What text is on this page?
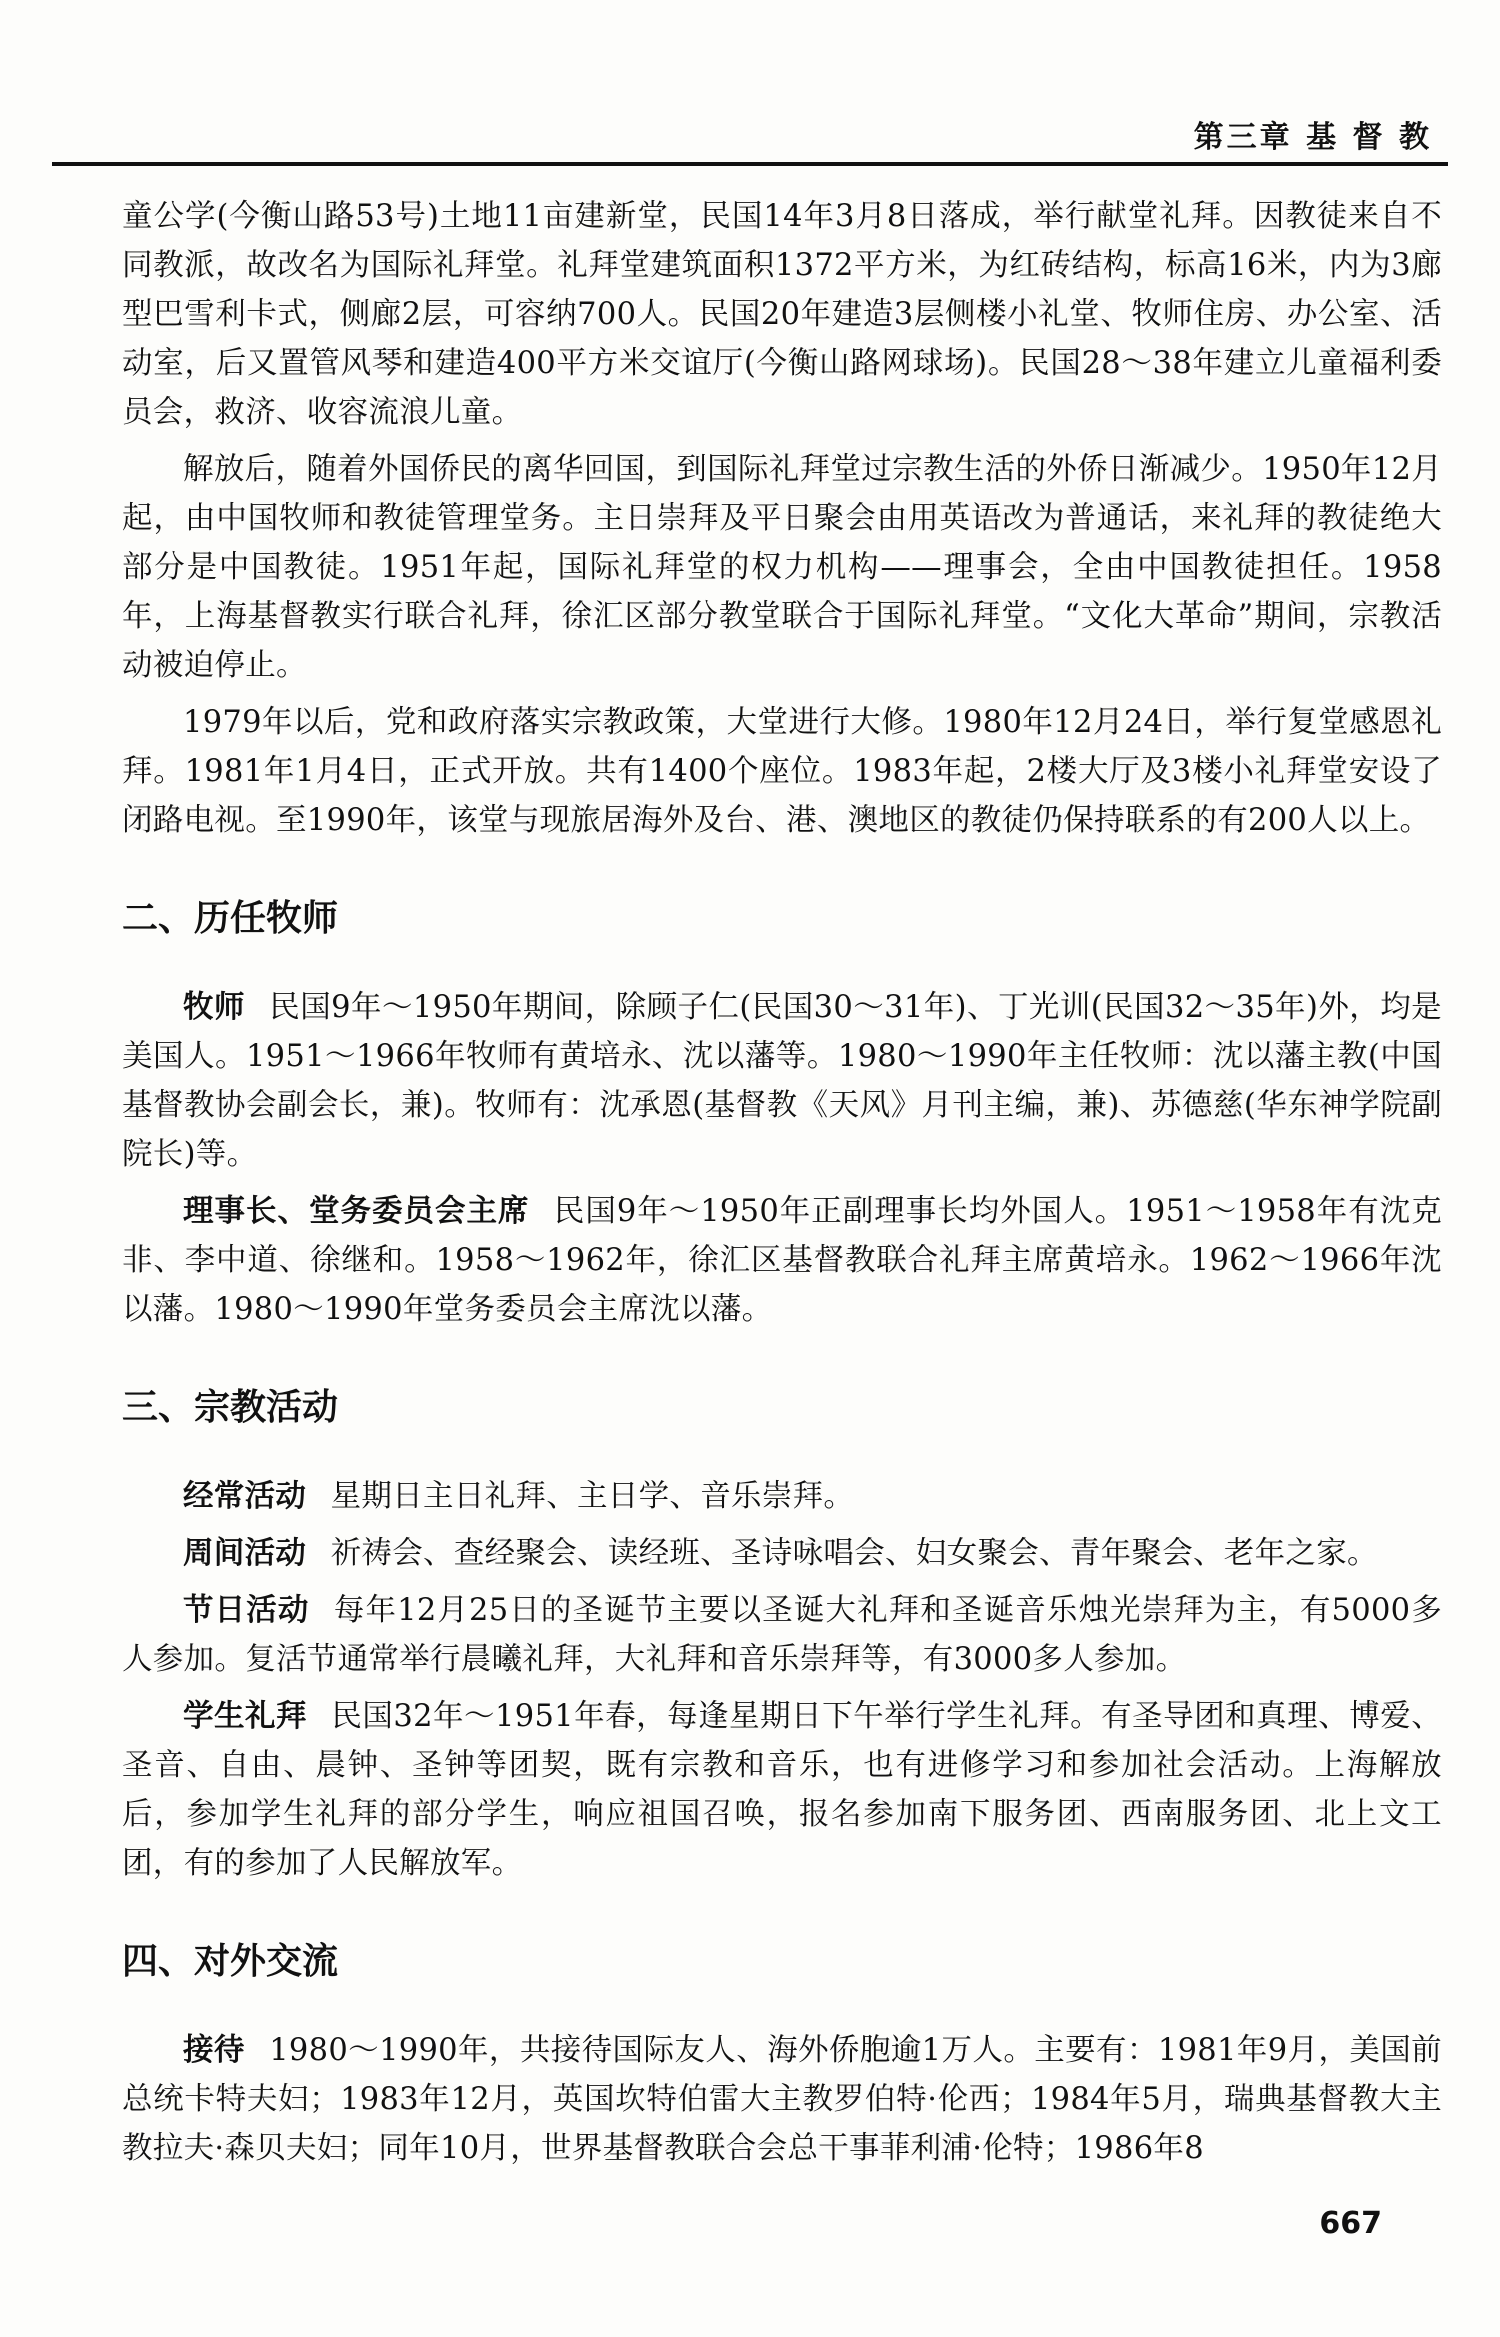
第三章 基 督 教

童公学(今衡山路53号)土地11亩建新堂，民国14年3月8日落成，举行献堂礼拜。因教徒来自不同教派，故改名为国际礼拜堂。礼拜堂建筑面积1372平方米，为红砖结构，标高16米，内为3廊型巴雪利卡式，侧廊2层，可容纳700人。民国20年建造3层侧楼小礼堂、牧师住房、办公室、活动室，后又置管风琴和建造400平方米交谊厅(今衡山路网球场)。民国28～38年建立儿童福利委员会，救济、收容流浪儿童。

解放后，随着外国侨民的离华回国，到国际礼拜堂过宗教生活的外侨日渐减少。1950年12月起，由中国牧师和教徒管理堂务。主日崇拜及平日聚会由用英语改为普通话，来礼拜的教徒绝大部分是中国教徒。1951年起，国际礼拜堂的权力机构——理事会，全由中国教徒担任。1958年，上海基督教实行联合礼拜，徐汇区部分教堂联合于国际礼拜堂。“文化大革命”期间，宗教活动被迫停止。

1979年以后，党和政府落实宗教政策，大堂进行大修。1980年12月24日，举行复堂感恩礼拜。1981年1月4日，正式开放。共有1400个座位。1983年起，2楼大厅及3楼小礼拜堂安设了闭路电视。至1990年，该堂与现旅居海外及台、港、澳地区的教徒仍保持联系的有200人以上。

二、历任牧师

牧师 民国9年～1950年期间，除顾子仁(民国30～31年)、丁光训(民国32～35年)外，均是美国人。1951～1966年牧师有黄培永、沈以藩等。1980～1990年主任牧师：沈以藩主教(中国基督教协会副会长，兼)。牧师有：沈承恩(基督教《天风》月刊主编，兼)、苏德慈(华东神学院副院长)等。

理事长、堂务委员会主席 民国9年～1950年正副理事长均外国人。1951～1958年有沈克非、李中道、徐继和。1958～1962年，徐汇区基督教联合礼拜主席黄培永。1962～1966年沈以藩。1980～1990年堂务委员会主席沈以藩。

三、宗教活动

经常活动 星期日主日礼拜、主日学、音乐崇拜。

周间活动 祈祷会、查经聚会、读经班、圣诗咏唱会、妇女聚会、青年聚会、老年之家。

节日活动 每年12月25日的圣诞节主要以圣诞大礼拜和圣诞音乐烛光崇拜为主，有5000多人参加。复活节通常举行晨曦礼拜，大礼拜和音乐崇拜等，有3000多人参加。

学生礼拜 民国32年～1951年春，每逢星期日下午举行学生礼拜。有圣导团和真理、博爱、圣音、自由、晨钟、圣钟等团契，既有宗教和音乐，也有进修学习和参加社会活动。上海解放后，参加学生礼拜的部分学生，响应祖国召唤，报名参加南下服务团、西南服务团、北上文工团，有的参加了人民解放军。

四、对外交流

接待 1980～1990年，共接待国际友人、海外侨胞逾1万人。主要有：1981年9月，美国前总统卡特夫妇；1983年12月，英国坎特伯雷大主教罗伯特·伦西；1984年5月，瑞典基督教大主教拉夫·森贝夫妇；同年10月，世界基督教联合会总干事菲利浦·伦特；1986年8

667
